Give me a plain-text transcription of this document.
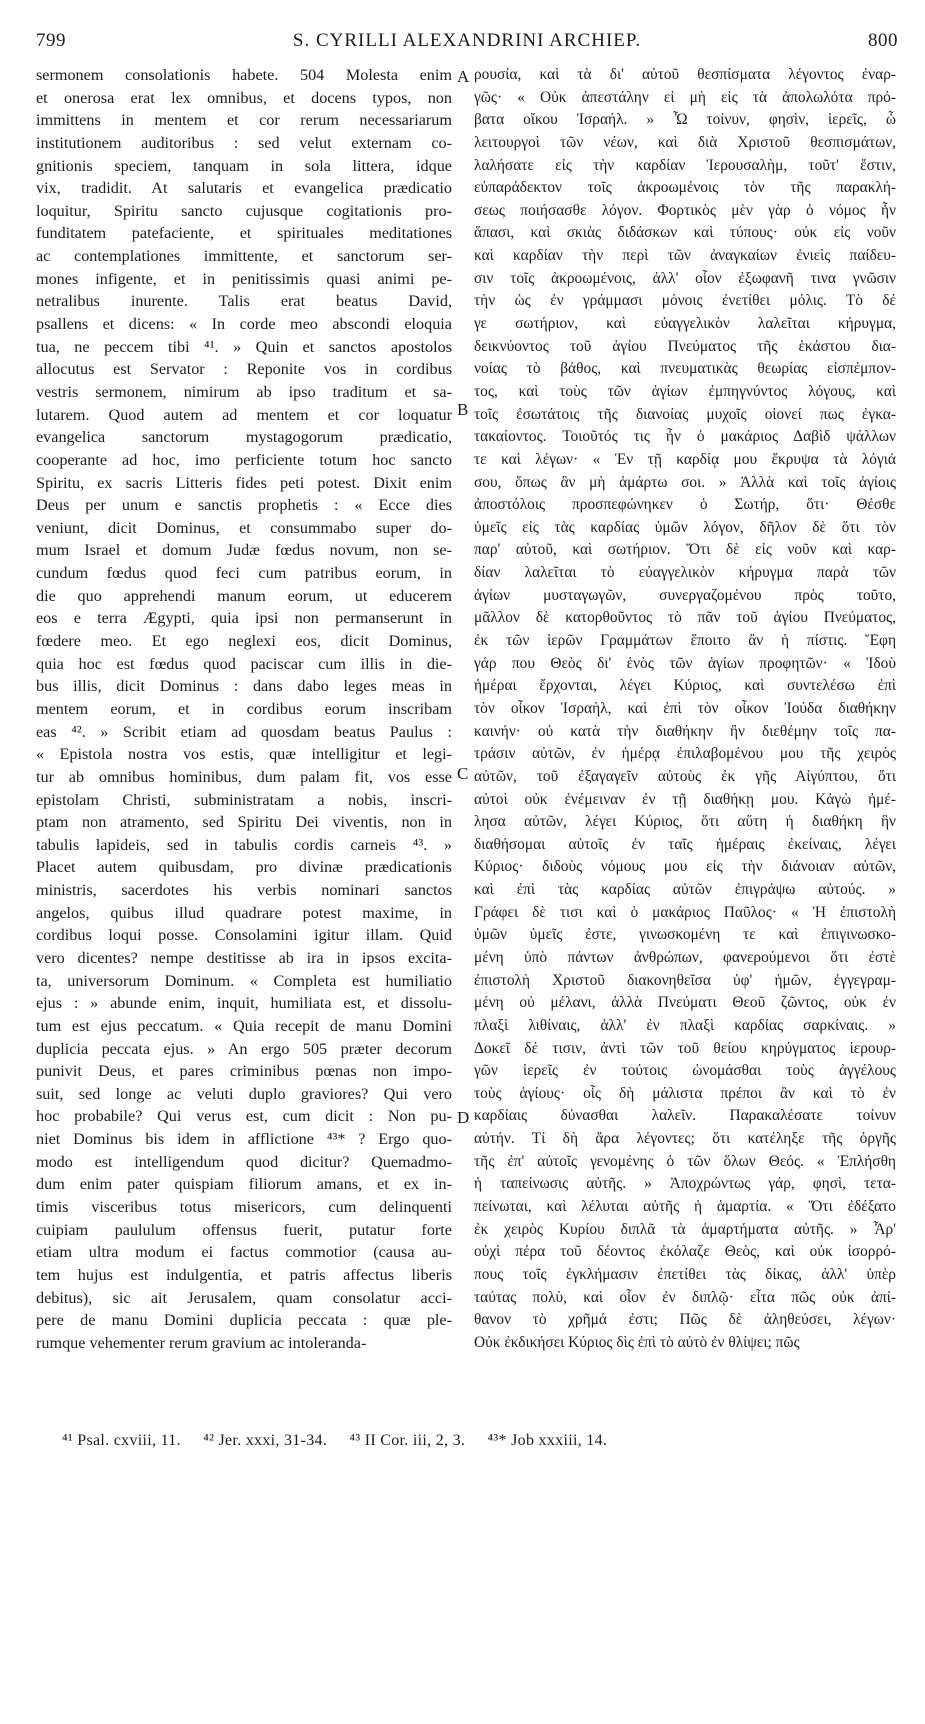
799	S. CYRILLI ALEXANDRINI ARCHIEP.	800
sermonem consolationis habete. 504 Molesta enim
et onerosa erat lex omnibus, et docens typos, non
immittens in mentem et cor rerum necessariarum
institutionem auditoribus : sed velut externam co-
gnitionis speciem, tanquam in sola littera, idque
vix, tradidit. At salutaris et evangelica prædicatio
loquitur, Spiritu sancto cujusque cogitationis pro-
funditatem patefaciente, et spirituales meditationes
ac contemplationes immittente, et sanctorum ser-
mones infigente, et in penitissimis quasi animi pe-
netralibus inurente. Talis erat beatus David,
psallens et dicens: « In corde meo abscondi eloquia
tua, ne peccem tibi ⁴¹. » Quin et sanctos apostolos
allocutus est Servator : Reponite vos in cordibus
vestris sermonem, nimirum ab ipso traditum et sa-
lutarem. Quod autem ad mentem et cor loquatur
evangelica sanctorum mystagogorum prædicatio,
cooperante ad hoc, imo perficiente totum hoc sancto
Spiritu, ex sacris Litteris fides peti potest. Dixit enim
Deus per unum e sanctis prophetis : « Ecce dies
veniunt, dicit Dominus, et consummabo super do-
mum Israel et domum Judæ fœdus novum, non se-
cundum fœdus quod feci cum patribus eorum, in
die quo apprehendi manum eorum, ut educerem
eos e terra Ægypti, quia ipsi non permanserunt in
fœdere meo. Et ego neglexi eos, dicit Dominus,
quia hoc est fœdus quod paciscar cum illis in die-
bus illis, dicit Dominus : dans dabo leges meas in
mentem eorum, et in cordibus eorum inscribam
eas ⁴². » Scribit etiam ad quosdam beatus Paulus :
« Epistola nostra vos estis, quæ intelligitur et legi-
tur ab omnibus hominibus, dum palam fit, vos esse
epistolam Christi, subministratam a nobis, inscri-
ptam non atramento, sed Spiritu Dei viventis, non in
tabulis lapideis, sed in tabulis cordis carneis ⁴³. »
Placet autem quibusdam, pro divinæ prædicationis
ministris, sacerdotes his verbis nominari sanctos
angelos, quibus illud quadrare potest maxime, in
cordibus loqui posse. Consolamini igitur illam. Quid
vero dicentes? nempe destitisse ab ira in ipsos excita-
ta, universorum Dominum. « Completa est humiliatio
ejus : » abunde enim, inquit, humiliata est, et dissolu-
tum est ejus peccatum. « Quia recepit de manu Domini
duplicia peccata ejus. » An ergo 505 præter decorum
punivit Deus, et pares criminibus pœnas non impo-
suit, sed longe ac veluti duplo graviores? Qui vero
hoc probabile? Qui verus est, cum dicit : Non pu-
niet Dominus bis idem in afflictione ⁴³* ? Ergo quo-
modo est intelligendum quod dicitur? Quemadmo-
dum enim pater quispiam filiorum amans, et ex in-
timis visceribus totus misericors, cum delinquenti
cuipiam paululum offensus fuerit, putatur forte
etiam ultra modum ei factus commotior (causa au-
tem hujus est indulgentia, et patris affectus liberis
debitus), sic ait Jerusalem, quam consolatur acci-
pere de manu Domini duplicia peccata : quæ ple-
rumque vehementer rerum gravium ac intoleranda-
A
B
C
D
ρουσία, καὶ τὰ δι' αὐτοῦ θεσπίσματα λέγοντος ἐναρ-
γῶς· « Οὐκ ἀπεστάλην εἰ μὴ εἰς τὰ ἀπολωλότα πρό-
βατα οἴκου Ἰσραήλ. » Ὦ τοίνυν, φησὶν, ἱερεῖς, ὦ
λειτουργοὶ τῶν νέων, καὶ διὰ Χριστοῦ θεσπισμάτων,
λαλήσατε εἰς τὴν καρδίαν Ἱερουσαλὴμ, τοῦτ' ἔστιν,
εὐπαράδεκτον τοῖς ἀκροωμένοις τὸν τῆς παρακλή-
σεως ποιήσασθε λόγον. Φορτικὸς μὲν γὰρ ὁ νόμος ἦν
ἅπασι, καὶ σκιὰς διδάσκων καὶ τύπους· οὐκ εἰς νοῦν
καὶ καρδίαν τὴν περὶ τῶν ἀναγκαίων ἐνιεὶς παίδευ-
σιν τοῖς ἀκροωμένοις, ἀλλ' οἷον ἐξωφανῆ τινα γνῶσιν
τὴν ὡς ἐν γράμμασι μόνοις ἐνετίθει μόλις. Τὸ δέ
γε σωτήριον, καὶ εὐαγγελικὸν λαλεῖται κήρυγμα,
δεικνύοντος τοῦ ἁγίου Πνεύματος τῆς ἑκάστου δια-
νοίας τὸ βάθος, καὶ πνευματικὰς θεωρίας εἰσπέμπον-
τος, καὶ τοὺς τῶν ἁγίων ἐμπηγνύντος λόγους, καὶ
τοῖς ἐσωτάτοις τῆς διανοίας μυχοῖς οἱονεί πως ἐγκα-
τακαίοντος. Τοιοῦτός τις ἦν ὁ μακάριος Δαβὶδ ψάλλων
τε καὶ λέγων· « Ἐν τῇ καρδίᾳ μου ἔκρυψα τὰ λόγιά
σου, ὅπως ἂν μὴ ἁμάρτω σοι. » Ἀλλὰ καὶ τοῖς ἁγίοις
ἀποστόλοις προσπεφώνηκεν ὁ Σωτήρ, ὅτι· Θέσθε
ὑμεῖς εἰς τὰς καρδίας ὑμῶν λόγον, δῆλον δὲ ὅτι τὸν
παρ' αὐτοῦ, καὶ σωτήριον. Ὅτι δὲ εἰς νοῦν καὶ καρ-
δίαν λαλεῖται τὸ εὐαγγελικὸν κήρυγμα παρὰ τῶν
ἁγίων μυσταγωγῶν, συνεργαζομένου πρὸς τοῦτο,
μᾶλλον δὲ κατορθοῦντος τὸ πᾶν τοῦ ἁγίου Πνεύματος,
ἐκ τῶν ἱερῶν Γραμμάτων ἕποιτο ἂν ἡ πίστις. Ἔφη
γάρ που Θεὸς δι' ἑνὸς τῶν ἁγίων προφητῶν· « Ἰδοὺ
ἡμέραι ἔρχονται, λέγει Κύριος, καὶ συντελέσω ἐπὶ
τὸν οἶκον Ἰσραὴλ, καὶ ἐπὶ τὸν οἶκον Ἰούδα διαθήκην
καινήν· οὐ κατὰ τὴν διαθήκην ἣν διεθέμην τοῖς πα-
τράσιν αὐτῶν, ἐν ἡμέρᾳ ἐπιλαβομένου μου τῆς χειρὸς
αὐτῶν, τοῦ ἐξαγαγεῖν αὐτοὺς ἐκ γῆς Αἰγύπτου, ὅτι
αὐτοὶ οὐκ ἐνέμειναν ἐν τῇ διαθήκῃ μου. Κἀγὼ ἠμέ-
λησα αὐτῶν, λέγει Κύριος, ὅτι αὕτη ἡ διαθήκη ἣν
διαθήσομαι αὐτοῖς ἐν ταῖς ἡμέραις ἐκείναις, λέγει
Κύριος· διδοὺς νόμους μου εἰς τὴν διάνοιαν αὐτῶν,
καὶ ἐπὶ τὰς καρδίας αὐτῶν ἐπιγράψω αὐτούς. »
Γράφει δὲ τισι καὶ ὁ μακάριος Παῦλος· « Ἡ ἐπιστολὴ
ὑμῶν ὑμεῖς ἐστε, γινωσκομένη τε καὶ ἐπιγινωσκο-
μένη ὑπὸ πάντων ἀνθρώπων, φανερούμενοι ὅτι ἐστὲ
ἐπιστολὴ Χριστοῦ διακονηθεῖσα ὑφ' ἡμῶν, ἐγγεγραμ-
μένη οὐ μέλανι, ἀλλὰ Πνεύματι Θεοῦ ζῶντος, οὐκ ἐν
πλαξὶ λιθίναις, ἀλλ' ἐν πλαξὶ καρδίας σαρκίναις. »
Δοκεῖ δέ τισιν, ἀντὶ τῶν τοῦ θείου κηρύγματος ἱερουρ-
γῶν ἱερεῖς ἐν τούτοις ὠνομάσθαι τοὺς ἀγγέλους
τοὺς ἁγίους· οἷς δὴ μάλιστα πρέποι ἂν καὶ τὸ ἐν
καρδίαις δύνασθαι λαλεῖν. Παρακαλέσατε τοίνυν
αὐτήν. Τί δὴ ἄρα λέγοντες; ὅτι κατέληξε τῆς ὀργῆς
τῆς ἐπ' αὐτοῖς γενομένης ὁ τῶν ὅλων Θεός. « Ἐπλήσθη
ἡ ταπείνωσις αὐτῆς. » Ἀποχρώντως γάρ, φησὶ, τετα-
πείνωται, καὶ λέλυται αὐτῆς ἡ ἁμαρτία. « Ὅτι ἐδέξατο
ἐκ χειρὸς Κυρίου διπλᾶ τὰ ἁμαρτήματα αὐτῆς. » Ἆρ'
οὐχὶ πέρα τοῦ δέοντος ἐκόλαζε Θεὸς, καὶ οὐκ ἰσορρό-
πους τοῖς ἐγκλήμασιν ἐπετίθει τὰς δίκας, ἀλλ' ὑπὲρ
ταύτας πολὺ, καὶ οἷον ἐν διπλῷ· εἶτα πῶς οὐκ ἀπί-
θανον τὸ χρῆμά ἐστι; Πῶς δὲ ἀληθεύσει, λέγων·
Οὐκ ἐκδικήσει Κύριος δὶς ἐπὶ τὸ αὐτὸ ἐν θλίψει; πῶς
⁴¹ Psal. cxviii, 11. ⁴² Jer. xxxi, 31-34. ⁴³ II Cor. iii, 2, 3. ⁴³* Job xxxiii, 14.
